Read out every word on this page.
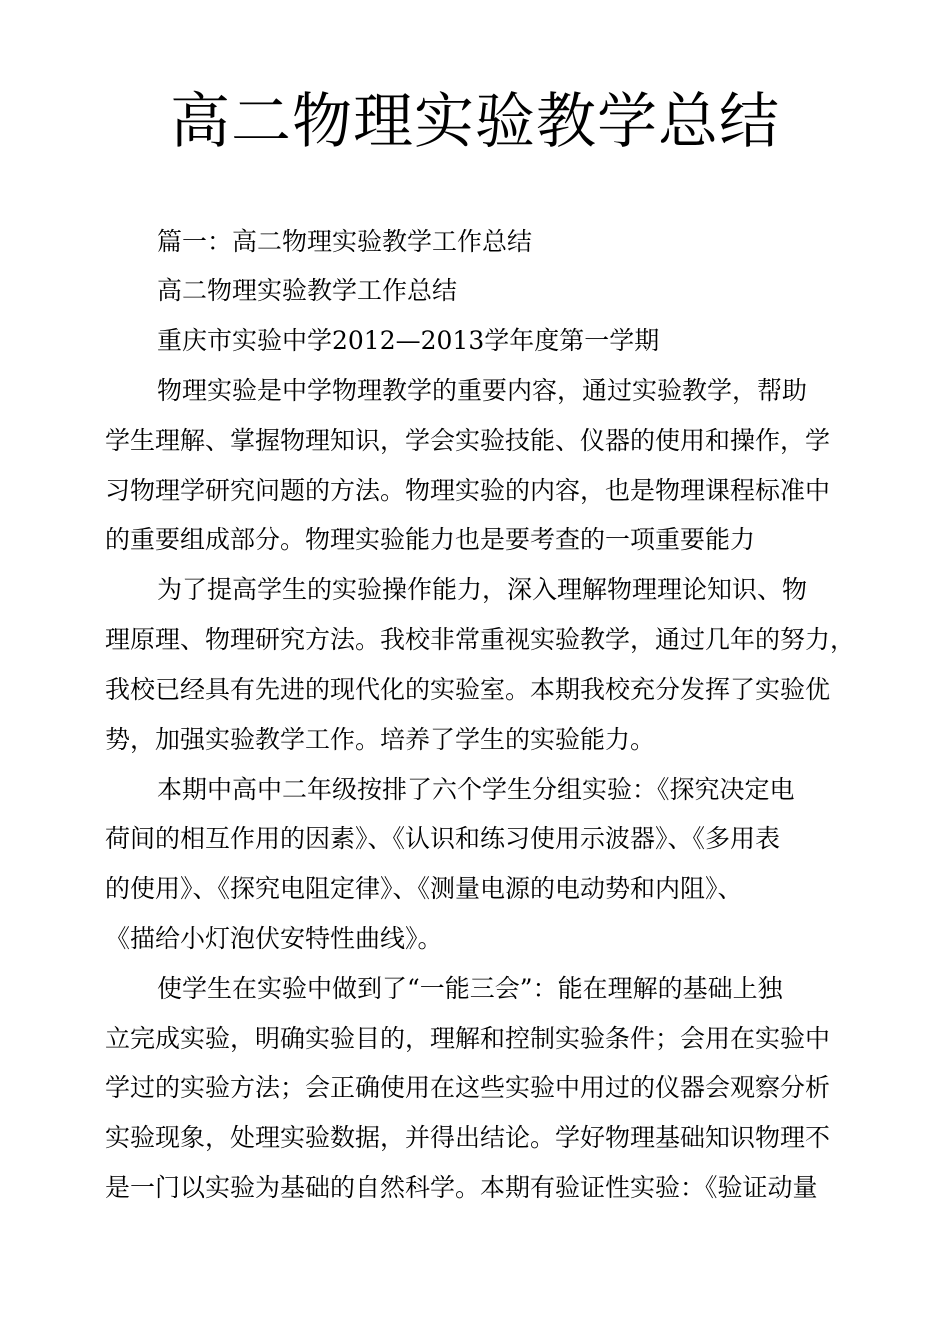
高二物理实验教学总结
篇一：高二物理实验教学工作总结
高二物理实验教学工作总结
重庆市实验中学2012—2013学年度第一学期
物理实验是中学物理教学的重要内容，通过实验教学，帮助
学生理解、掌握物理知识，学会实验技能、仪器的使用和操作，学
习物理学研究问题的方法。物理实验的内容，也是物理课程标准中
的重要组成部分。物理实验能力也是要考查的一项重要能力
为了提高学生的实验操作能力，深入理解物理理论知识、物
理原理、物理研究方法。我校非常重视实验教学，通过几年的努力，
我校已经具有先进的现代化的实验室。本期我校充分发挥了实验优
势，加强实验教学工作。培养了学生的实验能力。
本期中高中二年级按排了六个学生分组实验：《探究决定电
荷间的相互作用的因素》、《认识和练习使用示波器》、《多用表
的使用》、《探究电阻定律》、《测量电源的电动势和内阻》、
《描给小灯泡伏安特性曲线》。
使学生在实验中做到了“一能三会”：能在理解的基础上独
立完成实验，明确实验目的，理解和控制实验条件；会用在实验中
学过的实验方法；会正确使用在这些实验中用过的仪器会观察分析
实验现象，处理实验数据，并得出结论。学好物理基础知识物理不
是一门以实验为基础的自然科学。本期有验证性实验：《验证动量
